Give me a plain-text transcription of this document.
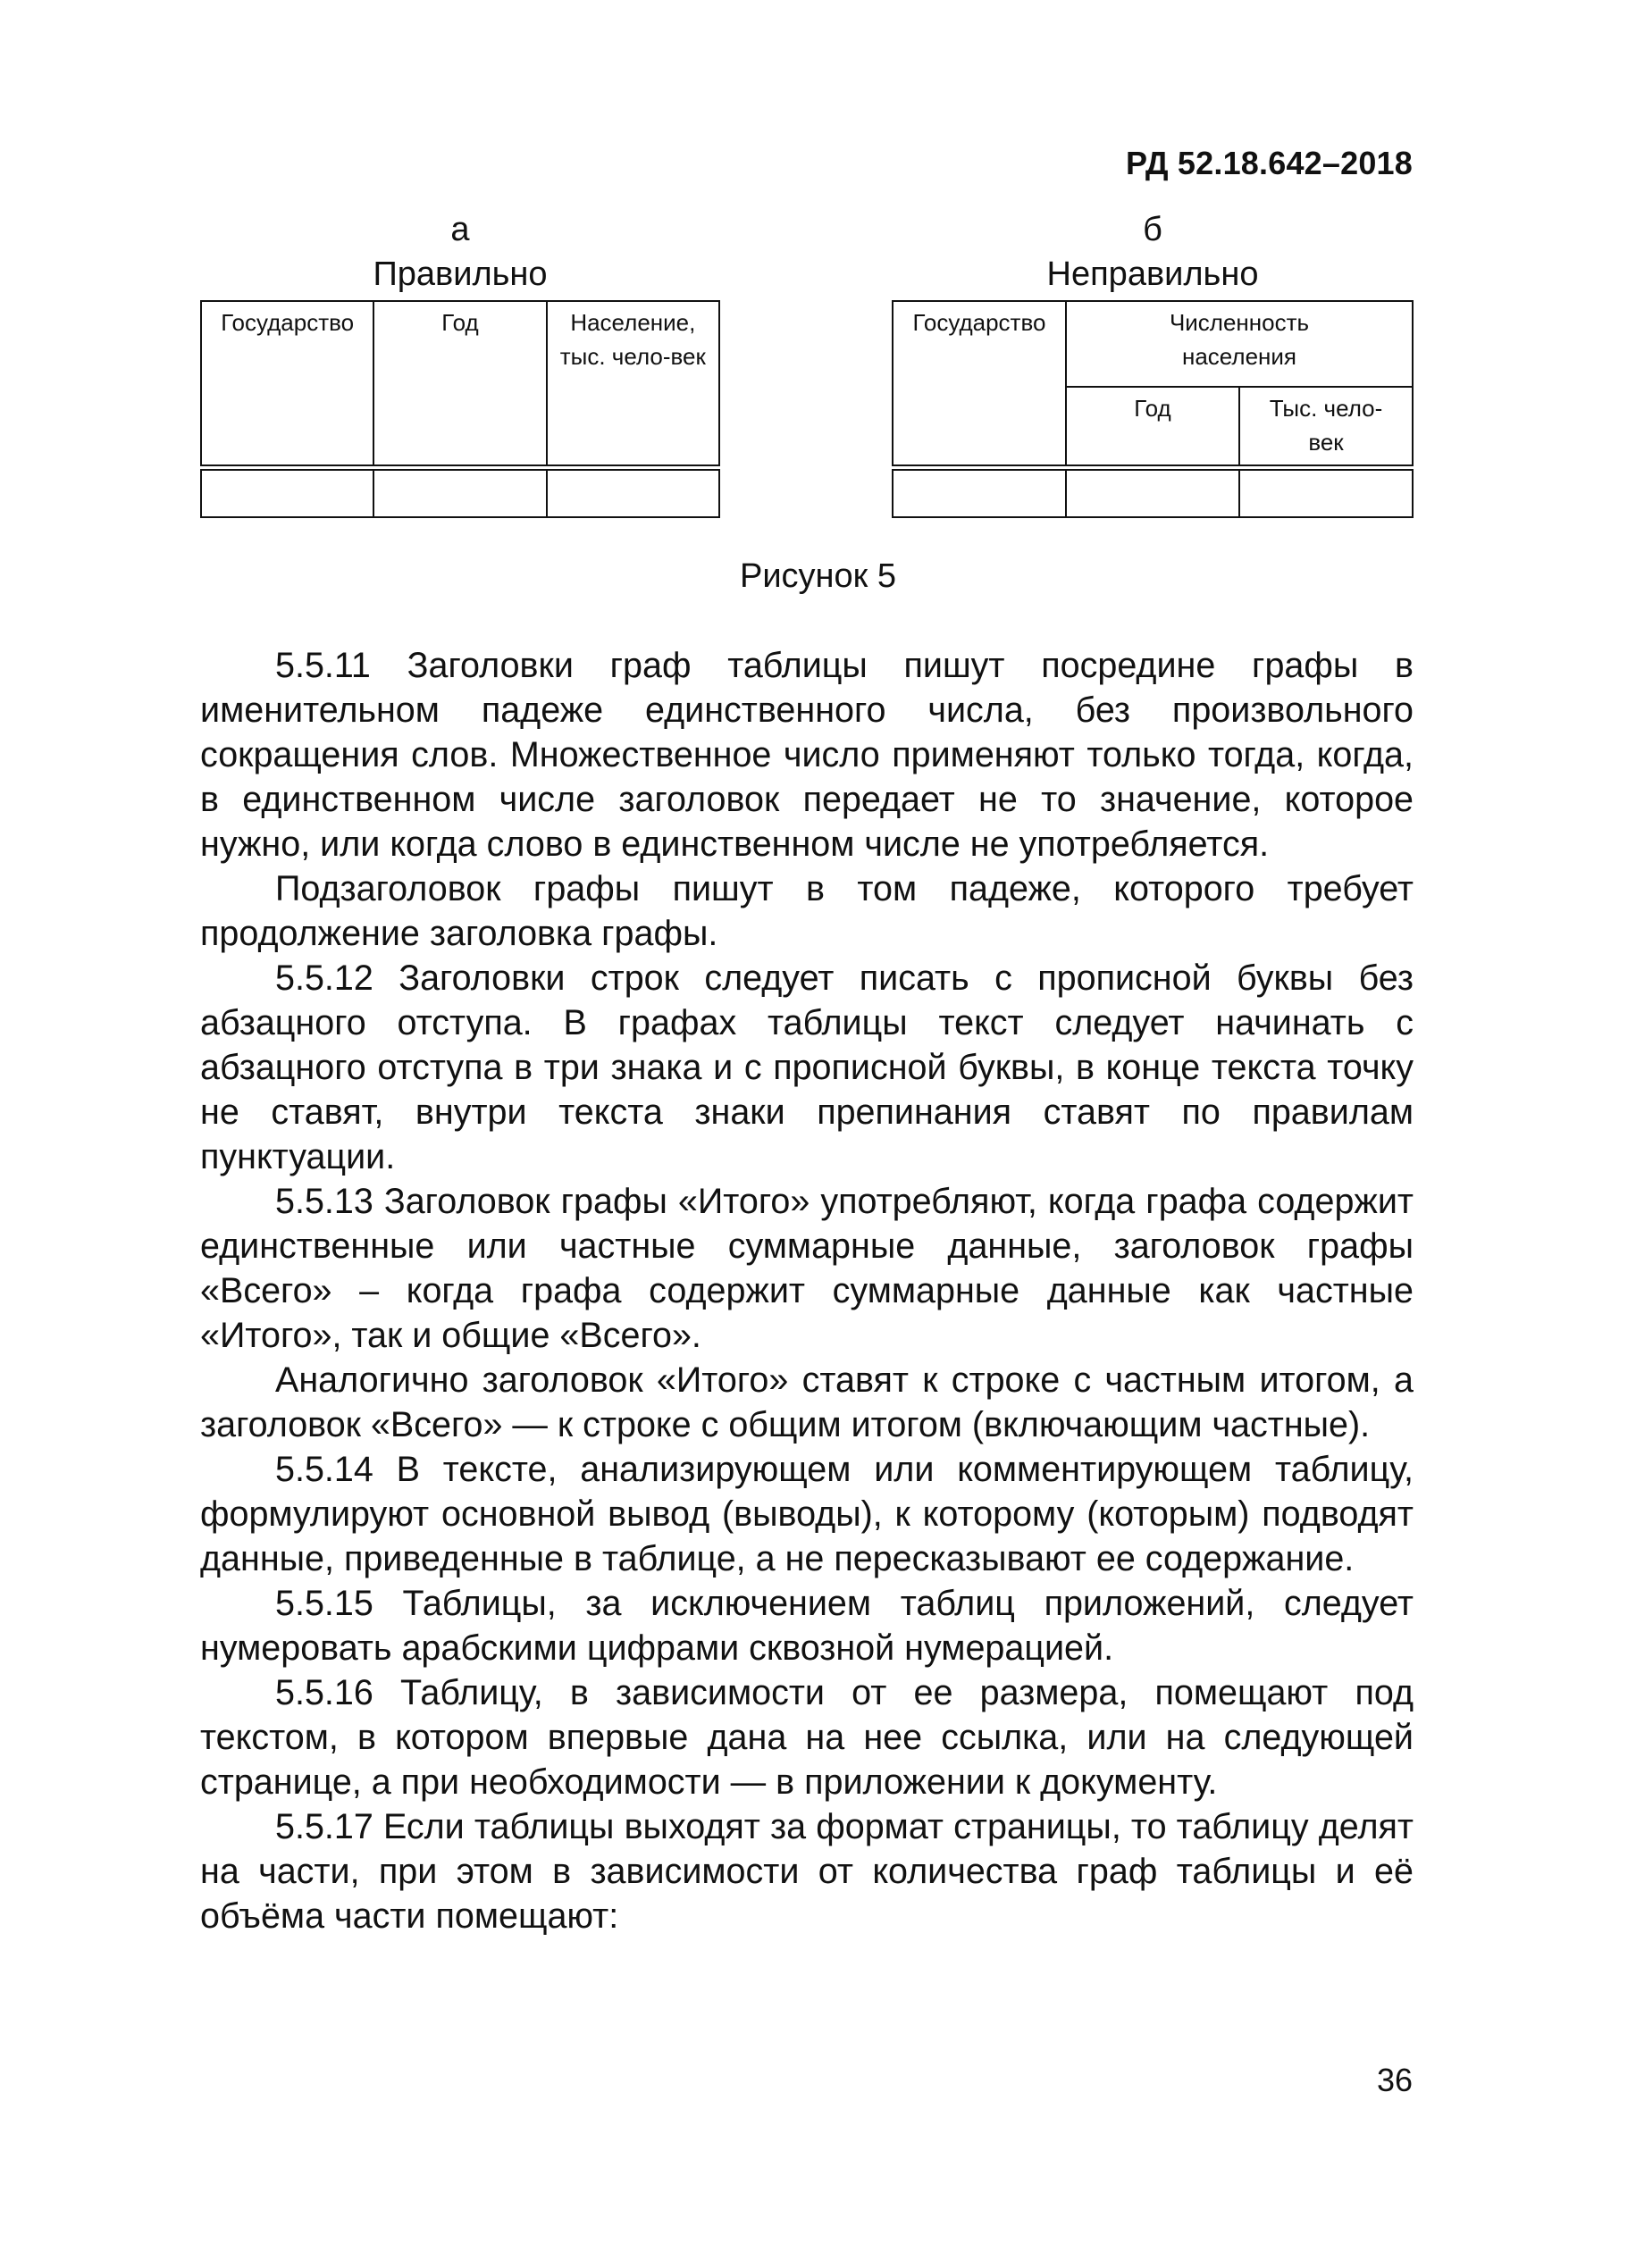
РД 52.18.642–2018
а
Правильно
Государство	Год	Население, тыс. чело-век

б
Неправильно
Государство	Численность населения	
	Год	Тыс. чело-век

Рисунок 5

5.5.11 Заголовки граф таблицы пишут посредине графы в именительном падеже единственного числа, без произвольного сокращения слов. Множественное число применяют только тогда, когда, в единственном числе заголовок передает не то значение, которое нужно, или когда слово в единственном числе не употребляется.

Подзаголовок графы пишут в том падеже, которого требует продолжение заголовка графы.

5.5.12 Заголовки строк следует писать с прописной буквы без абзацного отступа. В графах таблицы текст следует начинать с абзацного отступа в три знака и с прописной буквы, в конце текста точку не ставят, внутри текста знаки препинания ставят по правилам пунктуации.

5.5.13 Заголовок графы «Итого» употребляют, когда графа содержит единственные или частные суммарные данные, заголовок графы «Всего» – когда графа содержит суммарные данные как частные «Итого», так и общие «Всего».

Аналогично заголовок «Итого» ставят к строке с частным итогом, а заголовок «Всего» — к строке с общим итогом (включающим частные).

5.5.14 В тексте, анализирующем или комментирующем таблицу, формулируют основной вывод (выводы), к которому (которым) подводят данные, приведенные в таблице, а не пересказывают ее содержание.

5.5.15 Таблицы, за исключением таблиц приложений, следует нумеровать арабскими цифрами сквозной нумерацией.

5.5.16 Таблицу, в зависимости от ее размера, помещают под текстом, в котором впервые дана на нее ссылка, или на следующей странице, а при необходимости — в приложении к документу.

5.5.17 Если таблицы выходят за формат страницы, то таблицу делят на части, при этом в зависимости от количества граф таблицы и её объёма части помещают:

36
